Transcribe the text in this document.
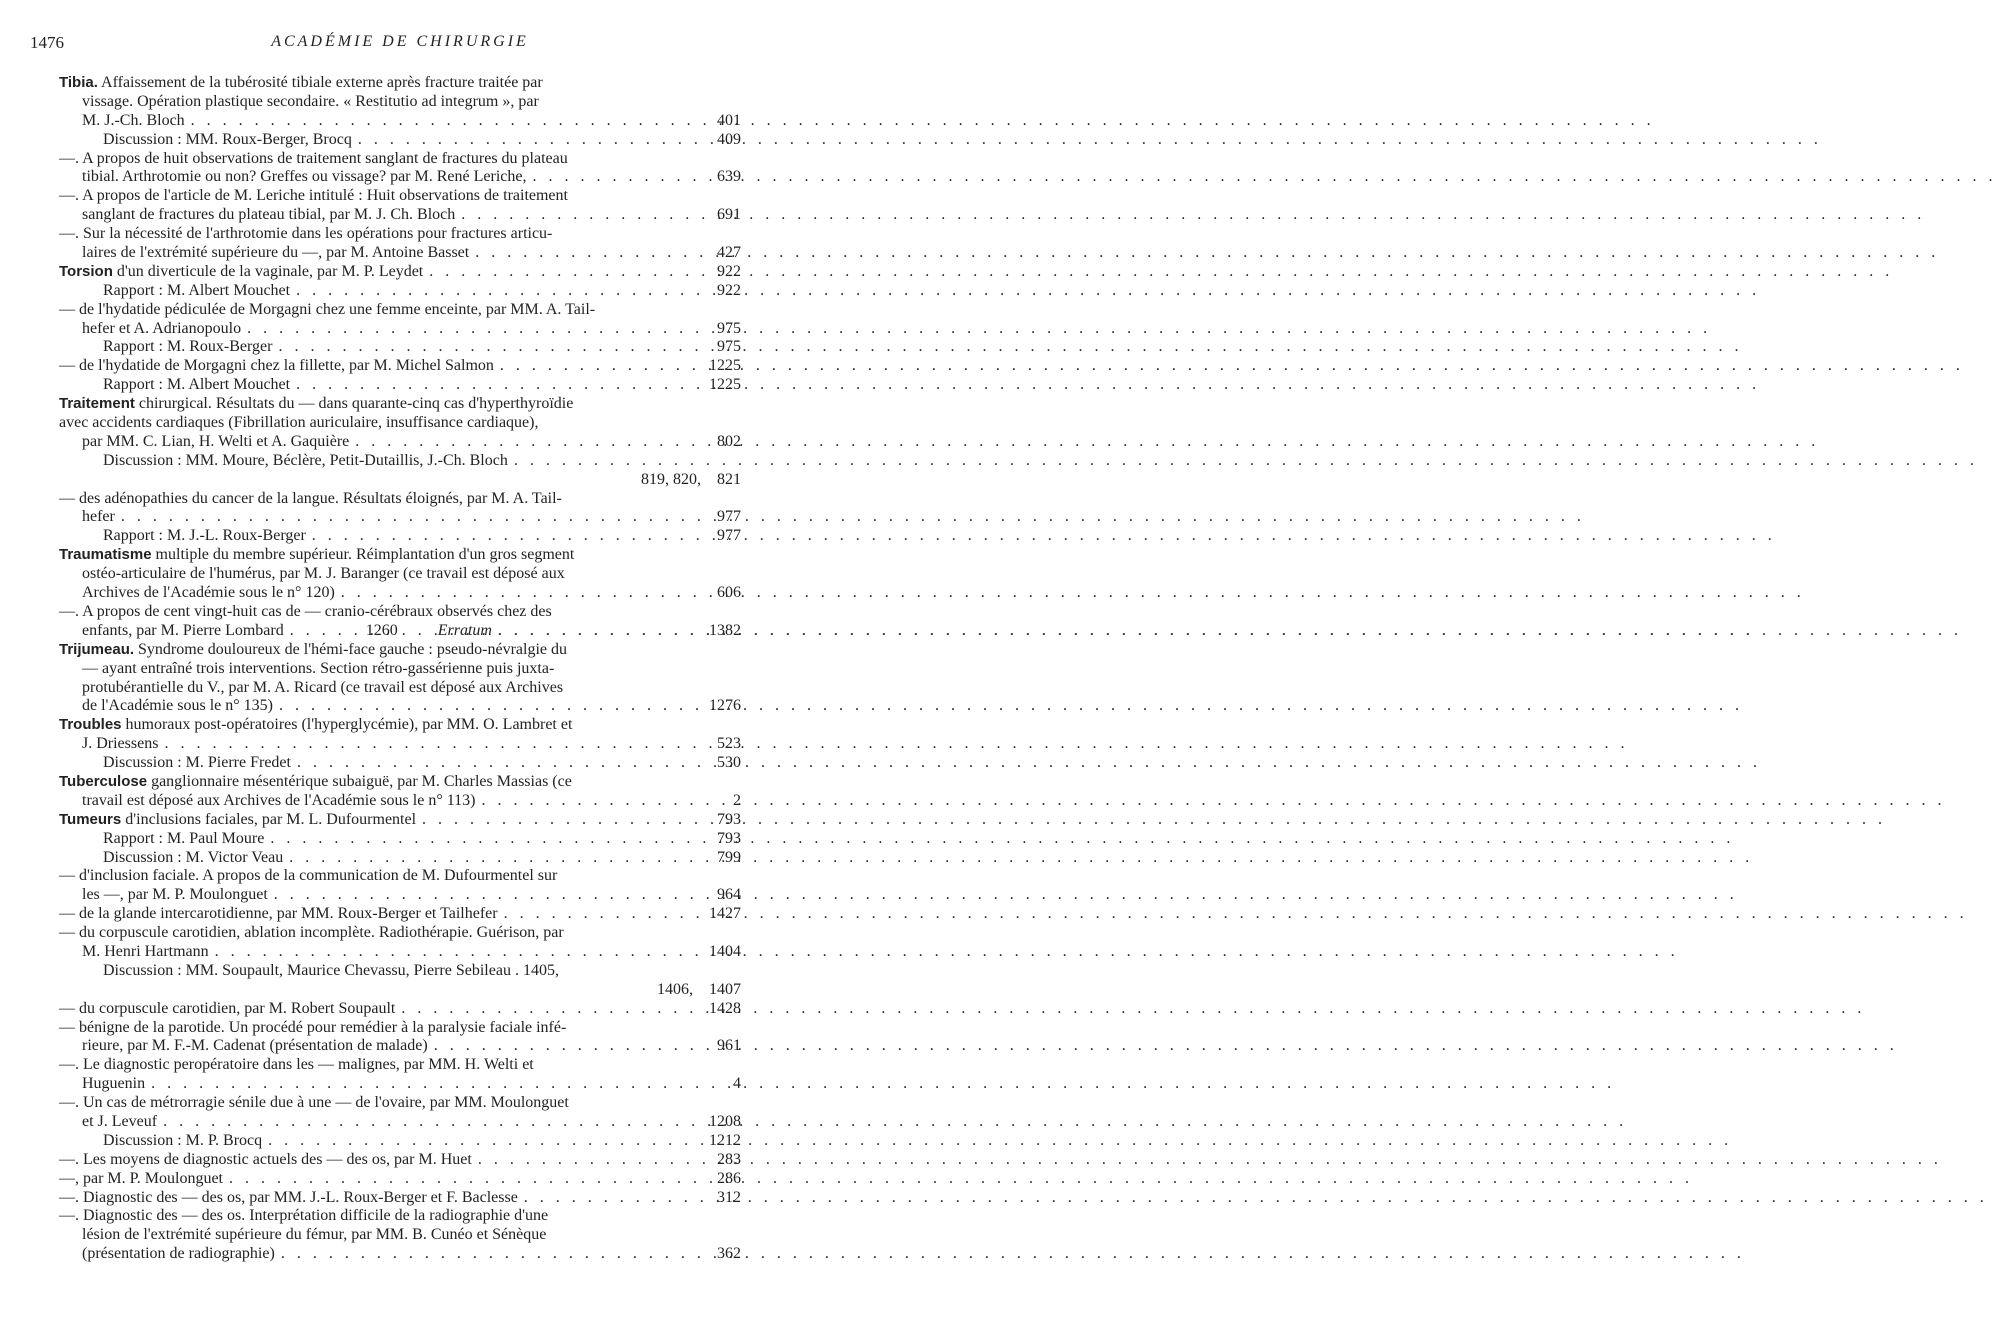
1476	ACADÉMIE DE CHIRURGIE
Tibia. Affaissement de la tubérosité tibiale externe après fracture traitée par
vissage. Opération plastique secondaire. « Restitutio ad integrum », par
M. J.-Ch. Bloch . . .	401
Discussion : MM. Roux-Berger, Brocq . . .	409
—. A propos de huit observations de traitement sanglant de fractures du plateau
tibial. Arthrotomie ou non? Greffes ou vissage? par M. René Leriche, . . .	639
—. A propos de l'article de M. Leriche intitulé : Huit observations de traitement
sanglant de fractures du plateau tibial, par M. J. Ch. Bloch . . .	691
—. Sur la nécessité de l'arthrotomie dans les opérations pour fractures articu-
laires de l'extrémité supérieure du —, par M. Antoine Basset . . .	427
Torsion d'un diverticule de la vaginale, par M. P. Leydet . . .	922
Rapport : M. Albert Mouchet . . .	922
— de l'hydatide pédiculée de Morgagni chez une femme enceinte, par MM. A. Tail-
hefer et A. Adrianopoulo . . .	975
Rapport : M. Roux-Berger . . .	975
— de l'hydatide de Morgagni chez la fillette, par M. Michel Salmon . . .	1225
Rapport : M. Albert Mouchet . . .	1225
Traitement chirurgical. Résultats du — dans quarante-cinq cas d'hyperthyroïdie
avec accidents cardiaques (Fibrillation auriculaire, insuffisance cardiaque),
par MM. C. Lian, H. Welti et A. Gaquière . . .	802
Discussion : MM. Moure, Béclère, Petit-Dutaillis, J.-Ch. Bloch
. . .
819, 820, 821
— des adénopathies du cancer de la langue. Résultats éloignés, par M. A. Tail-
hefer . . .	977
Rapport : M. J.-L. Roux-Berger . . .	977
Traumatisme multiple du membre supérieur. Réimplantation d'un gros segment
ostéo-articulaire de l'humérus, par M. J. Baranger (ce travail est déposé aux
Archives de l'Académie sous le n° 120) . . .	606
—. A propos de cent vingt-huit cas de — cranio-cérébraux observés chez des
enfants, par M. Pierre Lombard . . .	1260	Erratum . . .	1382
Trijumeau. Syndrome douloureux de l'hémi-face gauche : pseudo-névralgie du
— ayant entraîné trois interventions. Section rétro-gassérienne puis juxta-
protubérantielle du V., par M. A. Ricard (ce travail est déposé aux Archives
de l'Académie sous le n° 135) . . .	1276
Troubles humoraux post-opératoires (l'hyperglycémie), par MM. O. Lambret et
J. Driessens . . .	523
Discussion : M. Pierre Fredet . . .	530
Tuberculose ganglionnaire mésentérique subaiguë, par M. Charles Massias (ce
travail est déposé aux Archives de l'Académie sous le n° 113) . . .	2
Tumeurs d'inclusions faciales, par M. L. Dufourmentel . . .	793
Rapport : M. Paul Moure . . .	793
Discussion : M. Victor Veau . . .	799
— d'inclusion faciale. A propos de la communication de M. Dufourmentel sur
les —, par M. P. Moulonguet . . .	964
— de la glande intercarotidienne, par MM. Roux-Berger et Tailhefer . . .	1427
— du corpuscule carotidien, ablation incomplète. Radiothérapie. Guérison, par
M. Henri Hartmann . . .	1404
Discussion : MM. Soupault, Maurice Chevassu, Pierre Sebileau . 1405,
1406, 1407
— du corpuscule carotidien, par M. Robert Soupault . . .	1428
— bénigne de la parotide. Un procédé pour remédier à la paralysie faciale infé-
rieure, par M. F.-M. Cadenat (présentation de malade) . . .	961
—. Le diagnostic peropératoire dans les — malignes, par MM. H. Welti et
Huguenin . . .	4
—. Un cas de métrorragie sénile due à une — de l'ovaire, par MM. Moulonguet
et J. Leveuf . . .	1208
Discussion : M. P. Brocq . . .	1212
—. Les moyens de diagnostic actuels des — des os, par M. Huet . . .	283
—, par M. P. Moulonguet . . .	286
—. Diagnostic des — des os, par MM. J.-L. Roux-Berger et F. Baclesse . . .	312
—. Diagnostic des — des os. Interprétation difficile de la radiographie d'une
lésion de l'extrémité supérieure du fémur, par MM. B. Cunéo et Sénèque
(présentation de radiographie) . . .	362
